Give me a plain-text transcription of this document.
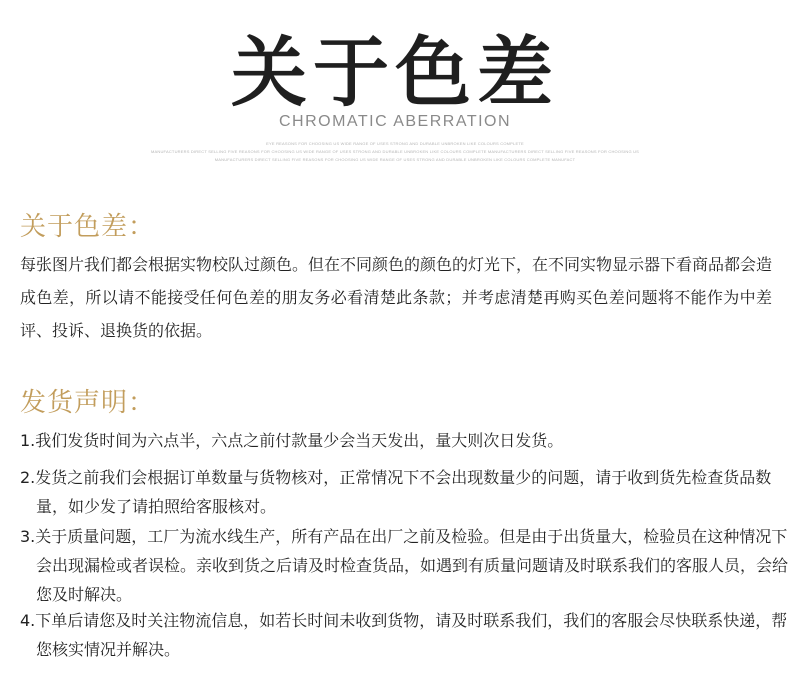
关于色差
CHROMATIC ABERRATION
EYE REASONS FOR CHOOSING US WIDE RANGE OF USES STRONG AND DURABLE UNBROKEN LIKE COLOURS COMPLETE
MANUFACTURERS DIRECT SELLING FIVE REASONS FOR CHOOSING US WIDE RANGE OF USES STRONG AND DURABLE UNBROKEN LIKE COLOURS COMPLETE MANUFACTURERS DIRECT SELLING FIVE REASONS FOR CHOOSING US
MANUFACTURERS DIRECT SELLING FIVE REASONS FOR CHOOSING US WIDE RANGE OF USES STRONG AND DURABLE UNBROKEN LIKE COLOURS COMPLETE MANUFACT
关于色差：
每张图片我们都会根据实物校队过颜色。但在不同颜色的颜色的灯光下，在不同实物显示器下看商品都会造成色差，所以请不能接受任何色差的朋友务必看清楚此条款；并考虑清楚再购买色差问题将不能作为中差评、投诉、退换货的依据。
发货声明：
1.我们发货时间为六点半，六点之前付款量少会当天发出，量大则次日发货。
2.发货之前我们会根据订单数量与货物核对，正常情况下不会出现数量少的问题，请于收到货先检查货品数量，如少发了请拍照给客服核对。
3.关于质量问题，工厂为流水线生产，所有产品在出厂之前及检验。但是由于出货量大，检验员在这种情况下会出现漏检或者误检。亲收到货之后请及时检查货品，如遇到有质量问题请及时联系我们的客服人员，会给您及时解决。
4.下单后请您及时关注物流信息，如若长时间未收到货物，请及时联系我们，我们的客服会尽快联系快递，帮您核实情况并解决。
